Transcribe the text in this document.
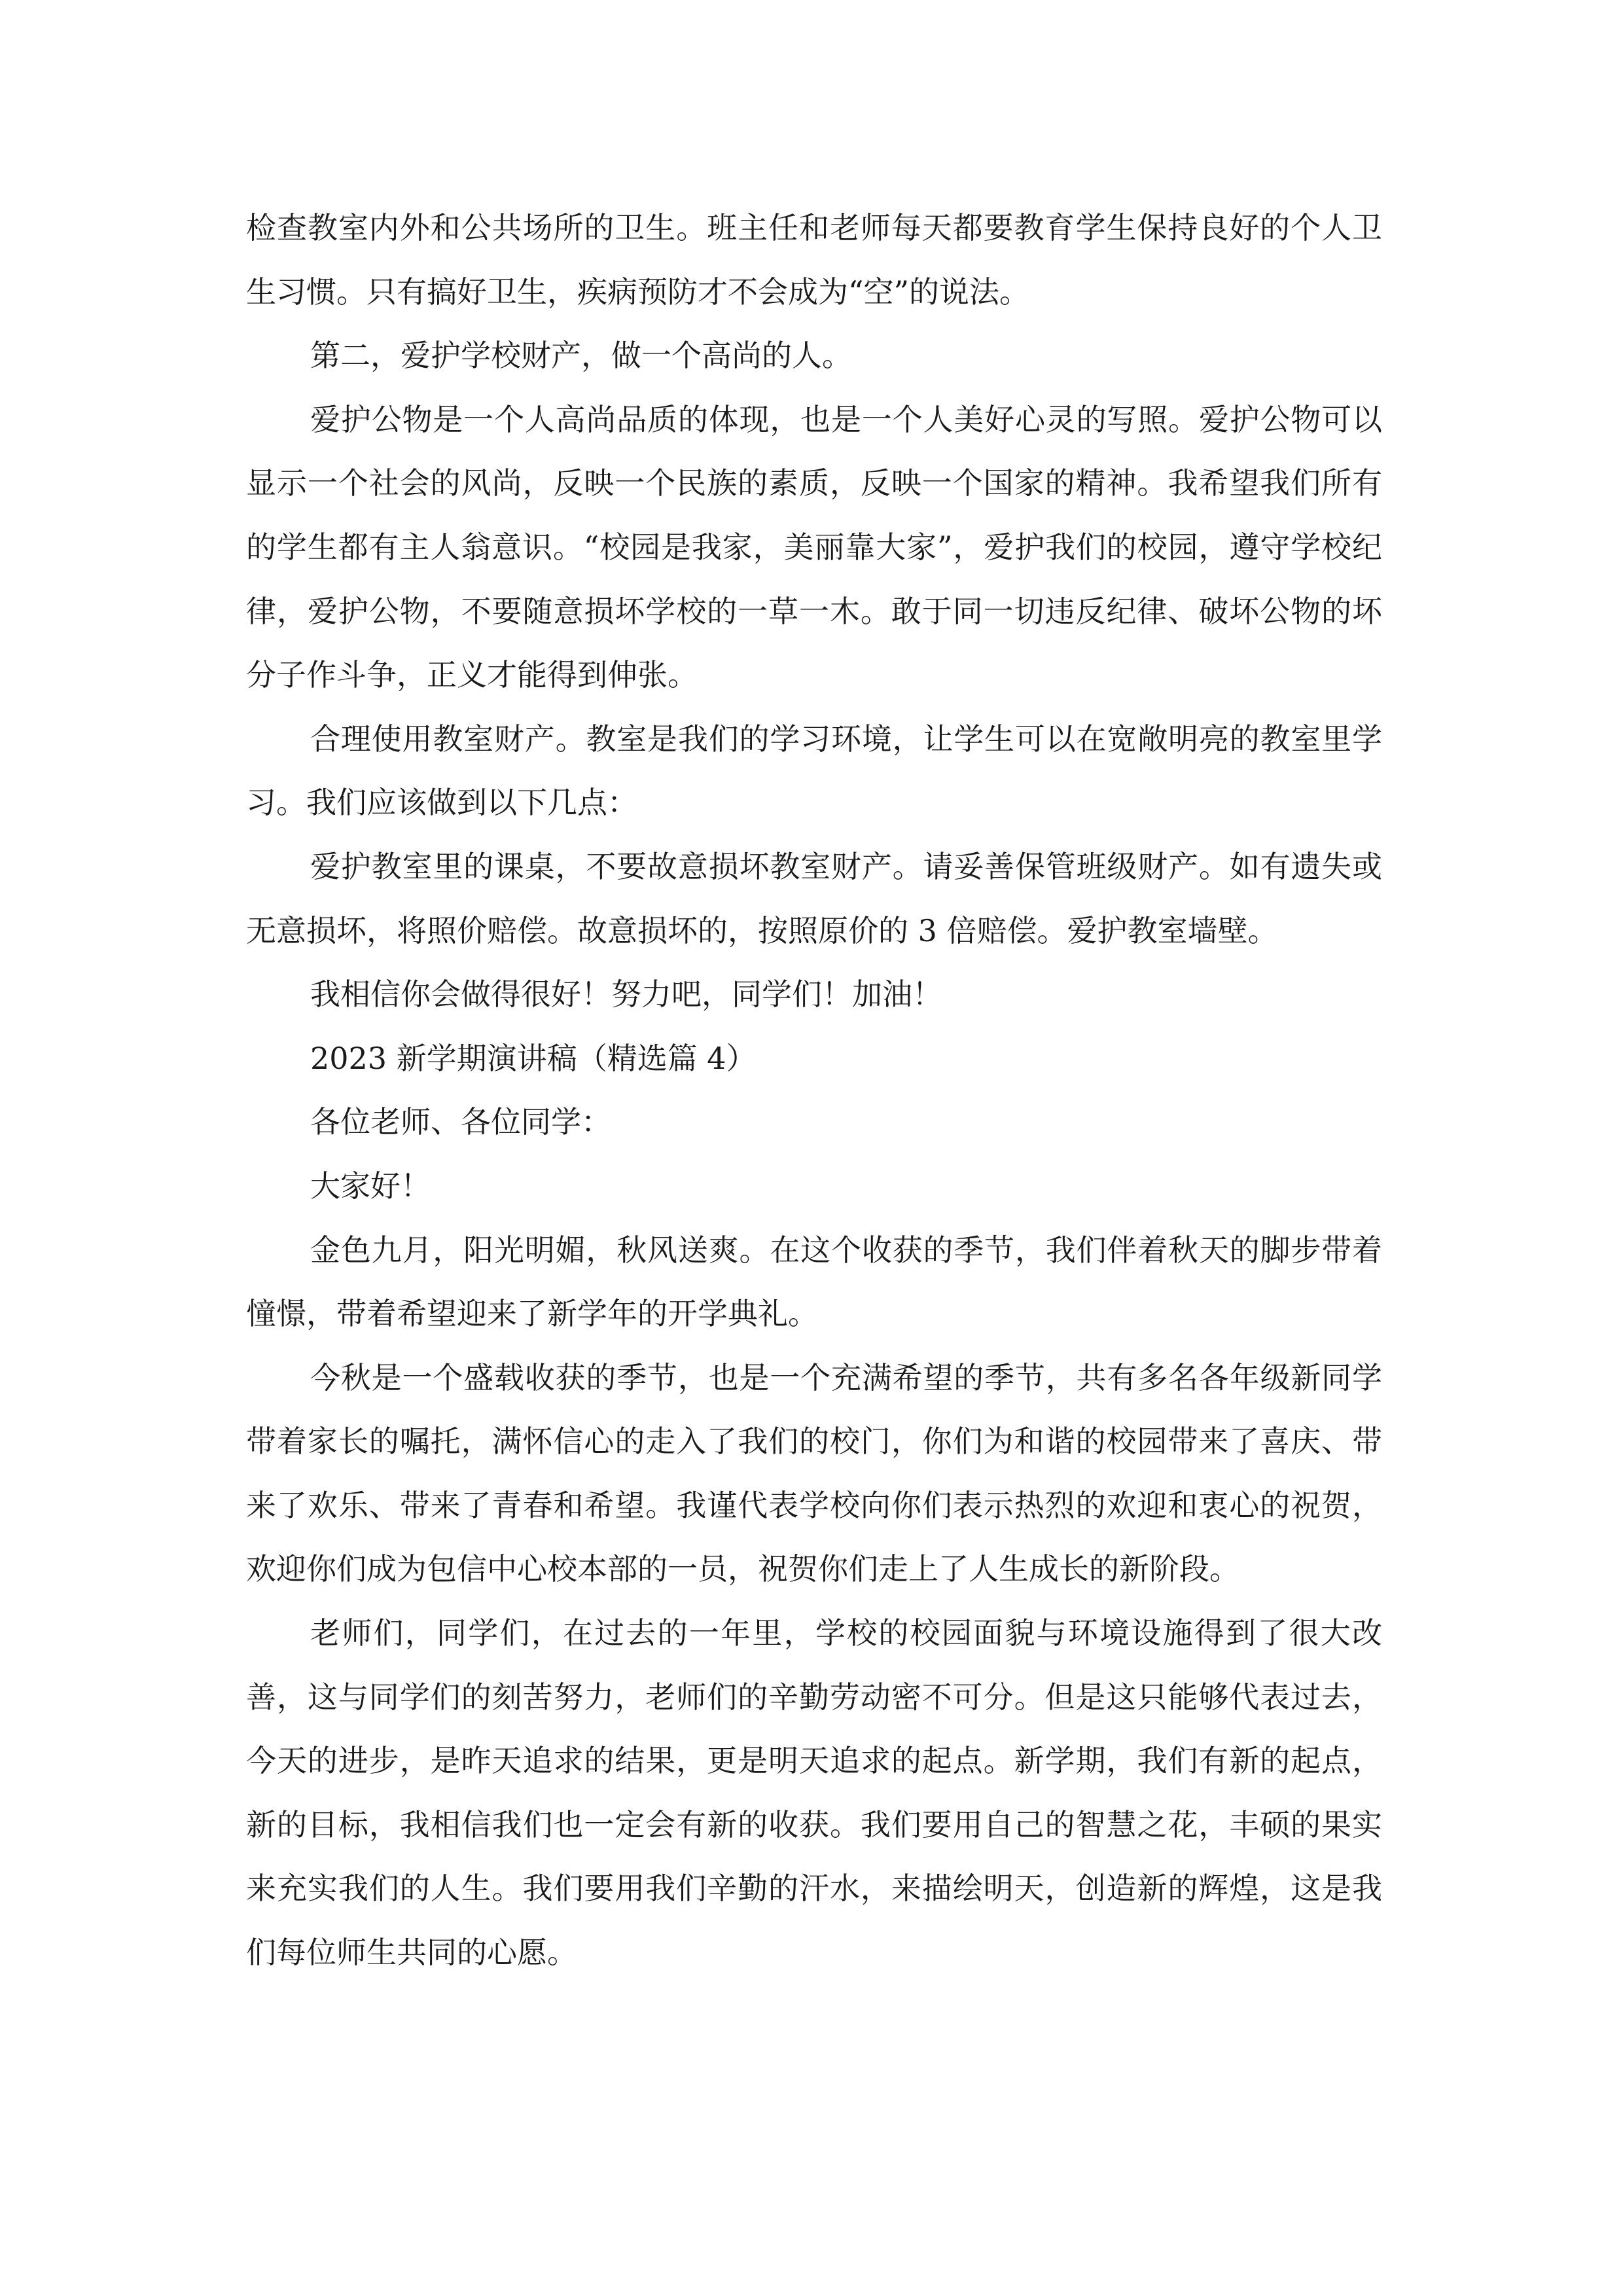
检查教室内外和公共场所的卫生。班主任和老师每天都要教育学生保持良好的个人卫生习惯。只有搞好卫生，疾病预防才不会成为“空”的说法。

第二，爱护学校财产，做一个高尚的人。

爱护公物是一个人高尚品质的体现，也是一个人美好心灵的写照。爱护公物可以显示一个社会的风尚，反映一个民族的素质，反映一个国家的精神。我希望我们所有的学生都有主人翁意识。“校园是我家，美丽靠大家”，爱护我们的校园，遵守学校纪律，爱护公物，不要随意损坏学校的一草一木。敢于同一切违反纪律、破坏公物的坏分子作斗争，正义才能得到伸张。

合理使用教室财产。教室是我们的学习环境，让学生可以在宽敞明亮的教室里学习。我们应该做到以下几点：

爱护教室里的课桌，不要故意损坏教室财产。请妥善保管班级财产。如有遗失或无意损坏，将照价赔偿。故意损坏的，按照原价的 3 倍赔偿。爱护教室墙壁。

我相信你会做得很好！努力吧，同学们！加油！

2023 新学期演讲稿（精选篇 4）

各位老师、各位同学：

大家好！

金色九月，阳光明媚，秋风送爽。在这个收获的季节，我们伴着秋天的脚步带着憧憬，带着希望迎来了新学年的开学典礼。

今秋是一个盛载收获的季节，也是一个充满希望的季节，共有多名各年级新同学带着家长的嘱托，满怀信心的走入了我们的校门，你们为和谐的校园带来了喜庆、带来了欢乐、带来了青春和希望。我谨代表学校向你们表示热烈的欢迎和衷心的祝贺，欢迎你们成为包信中心校本部的一员，祝贺你们走上了人生成长的新阶段。

老师们，同学们，在过去的一年里，学校的校园面貌与环境设施得到了很大改善，这与同学们的刻苦努力，老师们的辛勤劳动密不可分。但是这只能够代表过去，今天的进步，是昨天追求的结果，更是明天追求的起点。新学期，我们有新的起点，新的目标，我相信我们也一定会有新的收获。我们要用自己的智慧之花，丰硕的果实来充实我们的人生。我们要用我们辛勤的汗水，来描绘明天，创造新的辉煌，这是我们每位师生共同的心愿。
